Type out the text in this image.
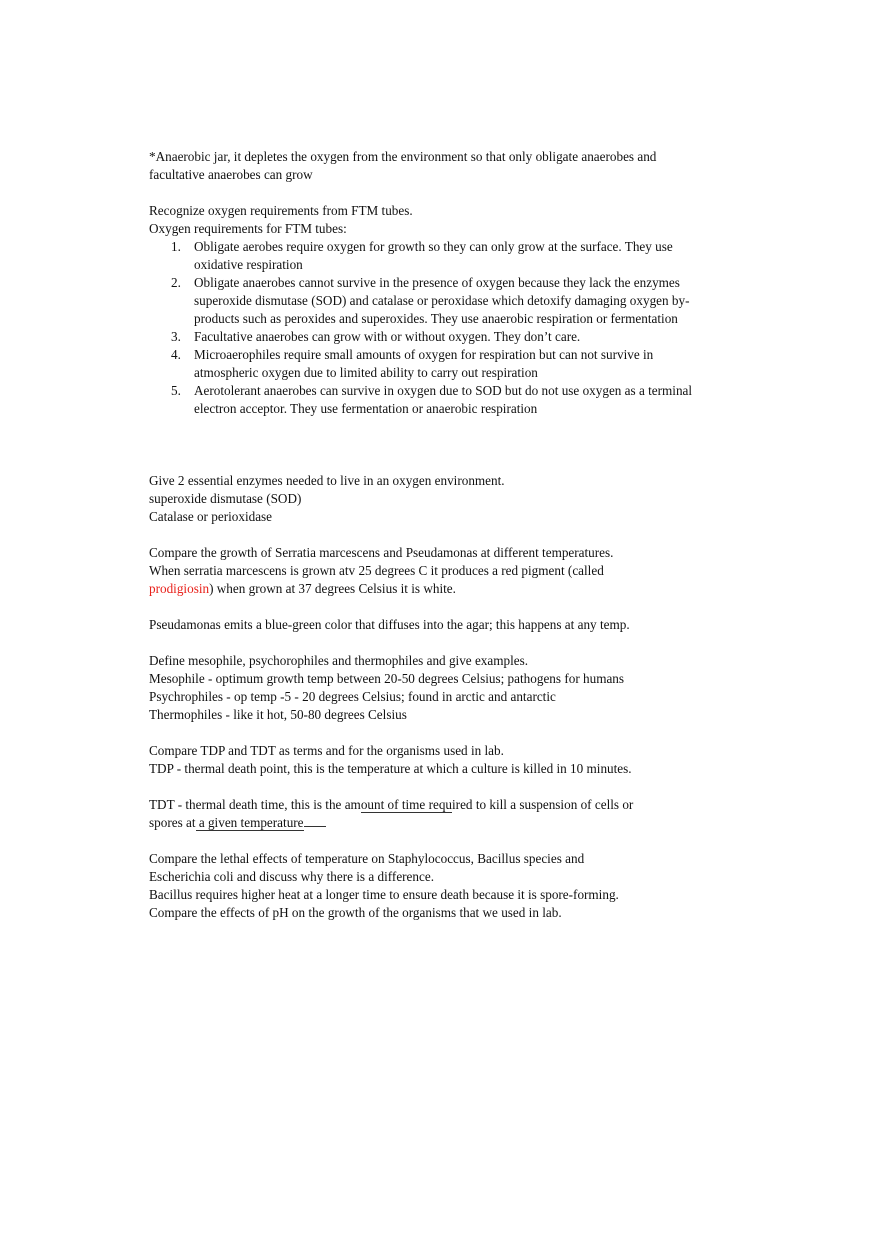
*Anaerobic jar, it depletes the oxygen from the environment so that only obligate anaerobes and facultative anaerobes can grow

Recognize oxygen requirements from FTM tubes.

Oxygen requirements for FTM tubes:

1. Obligate aerobes require oxygen for growth so they can only grow at the surface. They use oxidative respiration
2. Obligate anaerobes cannot survive in the presence of oxygen because they lack the enzymes superoxide dismutase (SOD) and catalase or peroxidase which detoxify damaging oxygen by-products such as peroxides and superoxides. They use anaerobic respiration or fermentation
3. Facultative anaerobes can grow with or without oxygen. They don’t care.
4. Microaerophiles require small amounts of oxygen for respiration but can not survive in atmospheric oxygen due to limited ability to carry out respiration
5. Aerotolerant anaerobes can survive in oxygen due to SOD but do not use oxygen as a terminal electron acceptor. They use fermentation or anaerobic respiration

Give 2 essential enzymes needed to live in an oxygen environment.

superoxide dismutase (SOD)

Catalase or perioxidase

Compare the growth of Serratia marcescens and Pseudamonas at different temperatures.

When serratia marcescens is grown atv 25 degrees C it produces a red pigment (called

prodigiosin) when grown at 37 degrees Celsius it is white.

Pseudamonas emits a blue-green color that diffuses into the agar; this happens at any temp.

Define mesophile, psychorophiles and thermophiles and give examples.

Mesophile - optimum growth temp between 20-50 degrees Celsius; pathogens for humans

Psychrophiles - op temp -5 - 20 degrees Celsius; found in arctic and antarctic

Thermophiles - like it hot, 50-80 degrees Celsius

Compare TDP and TDT as terms and for the organisms used in lab.

TDP - thermal death point, this is the temperature at which a culture is killed in 10 minutes.

TDT - thermal death time, this is the amount of time required to kill a suspension of cells or

spores at a given temperature

Compare the lethal effects of temperature on Staphylococcus, Bacillus species and

Escherichia coli and discuss why there is a difference.

Bacillus requires higher heat at a longer time to ensure death because it is spore-forming.

Compare the effects of pH on the growth of the organisms that we used in lab.
